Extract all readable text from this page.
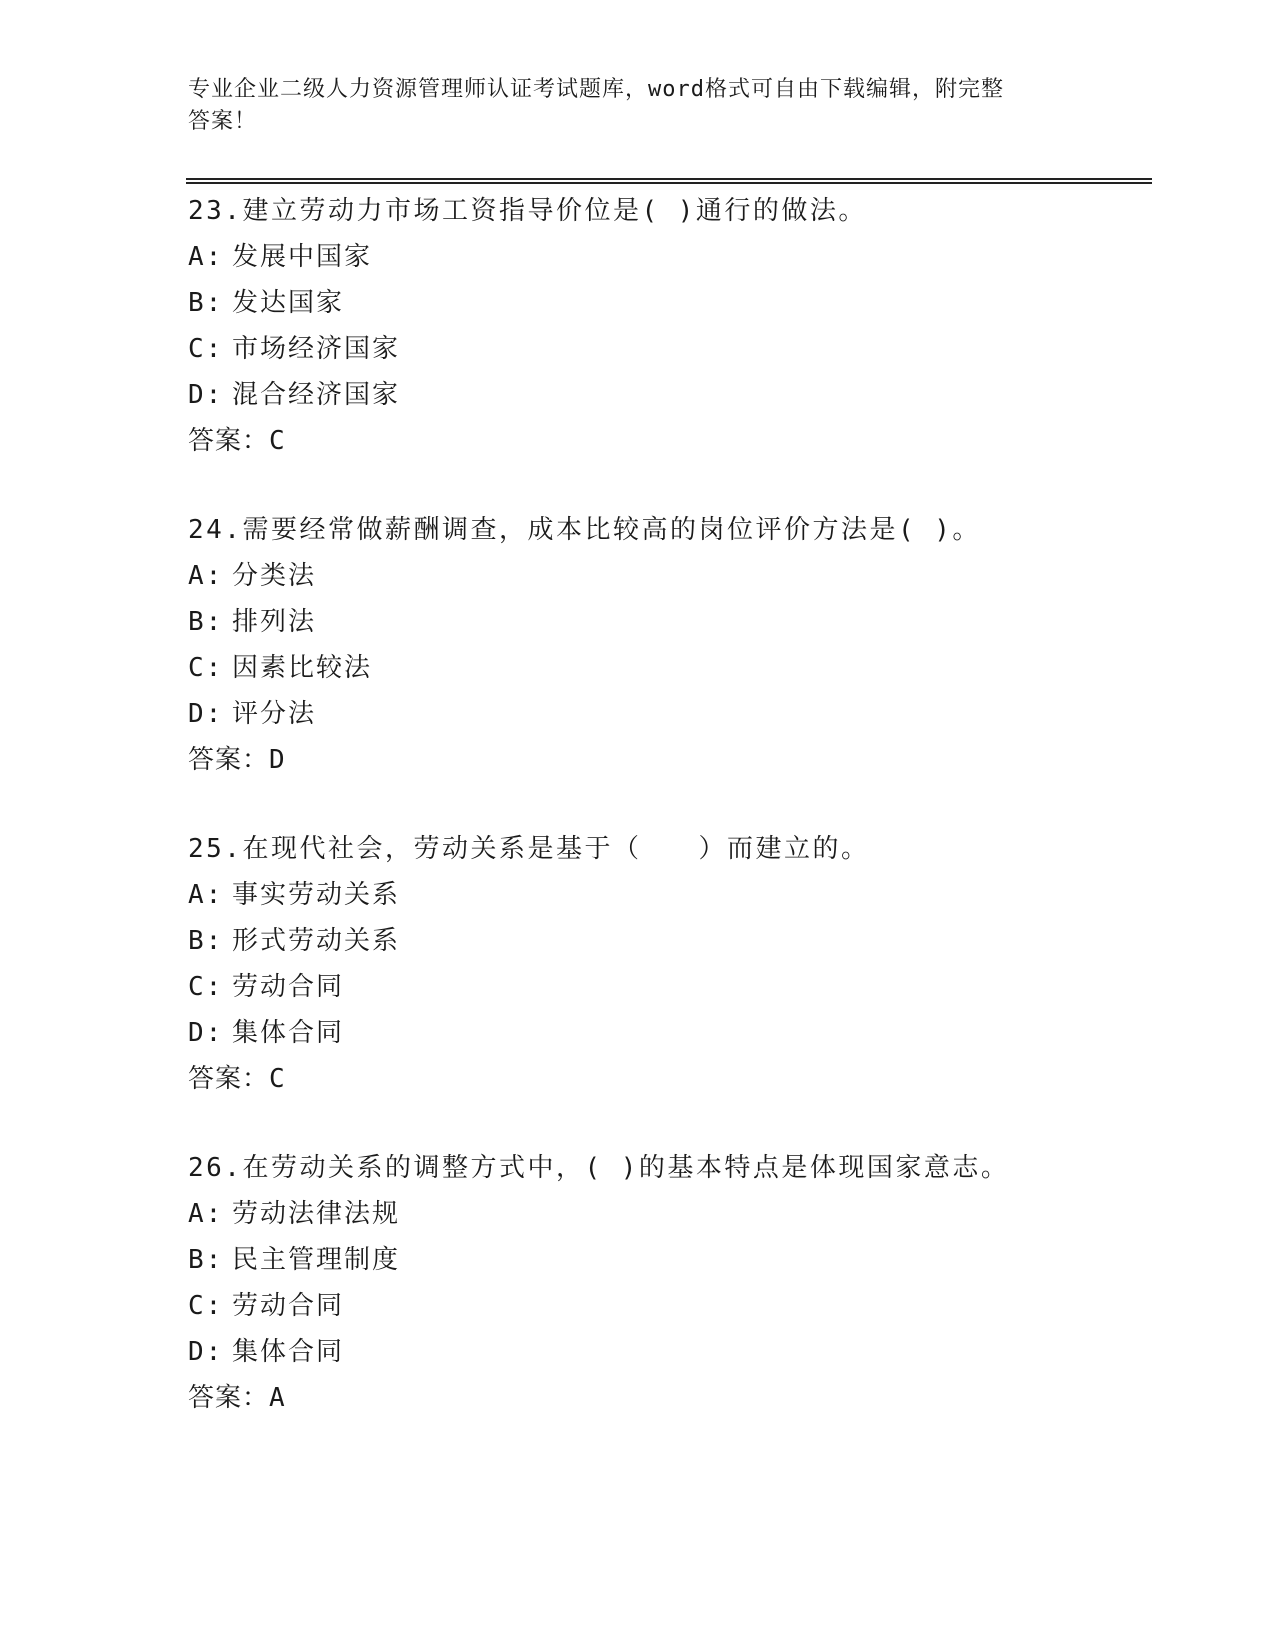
专业企业二级人力资源管理师认证考试题库，word格式可自由下载编辑，附完整
答案！
23.建立劳动力市场工资指导价位是( )通行的做法。
A: 发展中国家
B: 发达国家
C: 市场经济国家
D: 混合经济国家
答案：C
24.需要经常做薪酬调查，成本比较高的岗位评价方法是( )。
A: 分类法
B: 排列法
C: 因素比较法
D: 评分法
答案：D
25.在现代社会，劳动关系是基于（　　）而建立的。
A: 事实劳动关系
B: 形式劳动关系
C: 劳动合同
D: 集体合同
答案：C
26.在劳动关系的调整方式中，( )的基本特点是体现国家意志。
A: 劳动法律法规
B: 民主管理制度
C: 劳动合同
D: 集体合同
答案：A
